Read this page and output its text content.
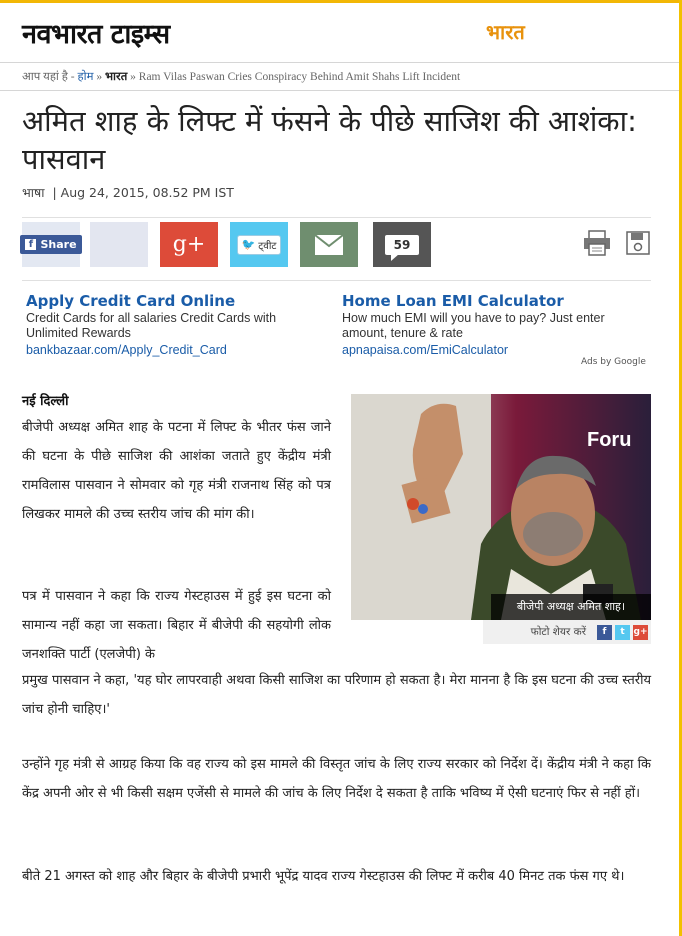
नवभारत टाइम्स	भारत
आप यहां है - होम » भारत » Ram Vilas Paswan Cries Conspiracy Behind Amit Shahs Lift Incident
अमित शाह के लिफ्ट में फंसने के पीछे साजिश की आशंका: पासवान
भाषा | Aug 24, 2015, 08.52 PM IST
f Share	g+	🐦 ट्वीट	59
Apply Credit Card Online
Credit Cards for all salaries Credit Cards with Unlimited Rewards
bankbazaar.com/Apply_Credit_Card
Home Loan EMI Calculator
How much EMI will you have to pay? Just enter amount, tenure & rate
apnapaisa.com/EmiCalculator
Ads by Google
नई दिल्ली

बीजेपी अध्यक्ष अमित शाह के पटना में लिफ्ट के भीतर फंस जाने की घटना के पीछे साजिश की आशंका जताते हुए केंद्रीय मंत्री रामविलास पासवान ने सोमवार को गृह मंत्री राजनाथ सिंह को पत्र लिखकर मामले की उच्च स्तरीय जांच की मांग की।

पत्र में पासवान ने कहा कि राज्य गेस्टहाउस में हुई इस घटना को सामान्य नहीं कहा जा सकता। बिहार में बीजेपी की सहयोगी लोक जनशक्ति पार्टी (एलजेपी) के

प्रमुख पासवान ने कहा, 'यह घोर लापरवाही अथवा किसी साजिश का परिणाम हो सकता है। मेरा मानना है कि इस घटना की उच्च स्तरीय जांच होनी चाहिए।'

उन्होंने गृह मंत्री से आग्रह किया कि वह राज्य को इस मामले की विस्तृत जांच के लिए राज्य सरकार को निर्देश दें। केंद्रीय मंत्री ने कहा कि केंद्र अपनी ओर से भी किसी सक्षम एजेंसी से मामले की जांच के लिए निर्देश दे सकता है ताकि भविष्य में ऐसी घटनाएं फिर से नहीं हों।

बीते 21 अगस्त को शाह और बिहार के बीजेपी प्रभारी भूपेंद्र यादव राज्य गेस्टहाउस की लिफ्ट में करीब 40 मिनट तक फंस गए थे।

Foru
बीजेपी अध्यक्ष अमित शाह।
फोटो शेयर करें	f	t g+
